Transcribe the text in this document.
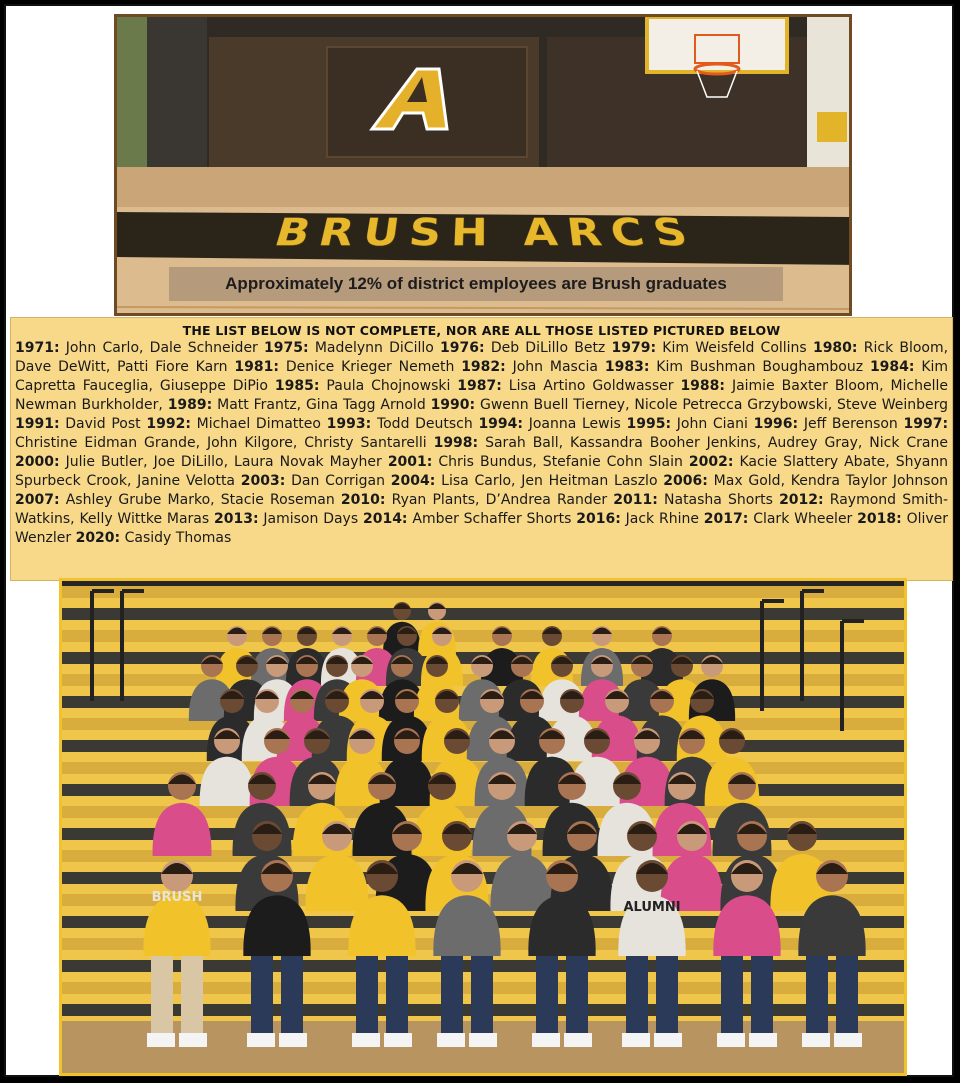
BRUSH ARCS
Approximately 12% of district employees are Brush graduates
THE LIST BELOW IS NOT COMPLETE, NOR ARE ALL THOSE LISTED PICTURED BELOW
1971: John Carlo, Dale Schneider 1975: Madelynn DiCillo 1976: Deb DiLillo Betz 1979: Kim Weisfeld Collins 1980: Rick Bloom, Dave DeWitt, Patti Fiore Karn 1981: Denice Krieger Nemeth 1982: John Mascia 1983: Kim Bushman Boughambouz 1984: Kim Capretta Fauceglia, Giuseppe DiPio 1985: Paula Chojnowski 1987: Lisa Artino Goldwasser 1988: Jaimie Baxter Bloom, Michelle Newman Burkholder, 1989: Matt Frantz, Gina Tagg Arnold 1990: Gwenn Buell Tierney, Nicole Petrecca Grzybowski, Steve Weinberg 1991: David Post 1992: Michael Dimatteo 1993: Todd Deutsch 1994: Joanna Lewis 1995: John Ciani 1996: Jeff Berenson 1997: Christine Eidman Grande, John Kilgore, Christy Santarelli 1998: Sarah Ball, Kassandra Booher Jenkins, Audrey Gray, Nick Crane 2000: Julie Butler, Joe DiLillo, Laura Novak Mayher 2001: Chris Bundus, Stefanie Cohn Slain 2002: Kacie Slattery Abate, Shyann Spurbeck Crook, Janine Velotta 2003: Dan Corrigan 2004: Lisa Carlo, Jen Heitman Laszlo 2006: Max Gold, Kendra Taylor Johnson 2007: Ashley Grube Marko, Stacie Roseman 2010: Ryan Plants, D’Andrea Rander 2011: Natasha Shorts 2012: Raymond Smith-Watkins, Kelly Wittke Maras 2013: Jamison Days 2014: Amber Schaffer Shorts 2016: Jack Rhine 2017: Clark Wheeler 2018: Oliver Wenzler 2020: Casidy Thomas
BRUSH
ALUMNI
